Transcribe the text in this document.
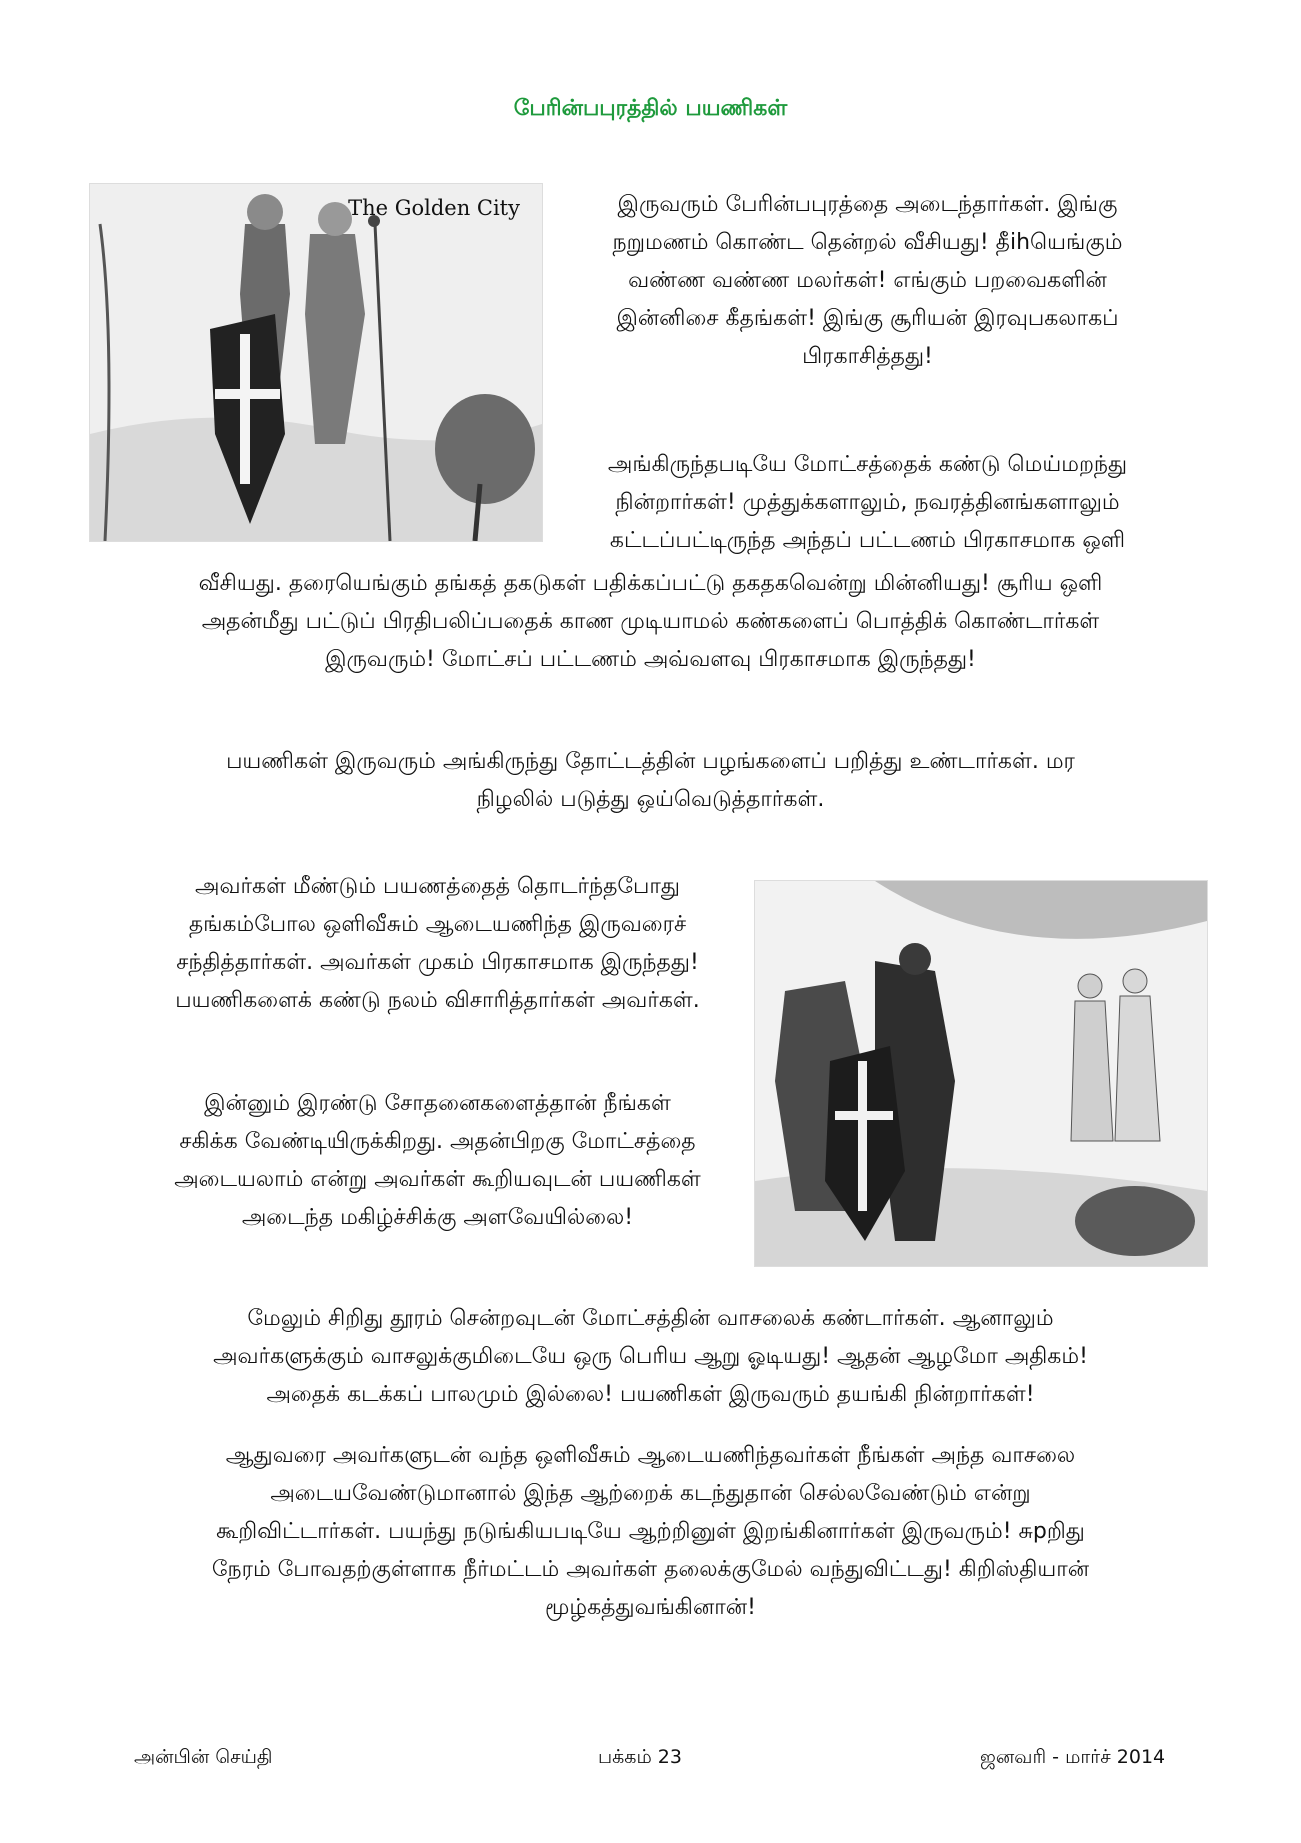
பேரின்பபுரத்தில் பயணிகள்
The Golden City	இருவரும் பேரின்பபுரத்தை அடைந்தார்கள். இங்கு

நறுமணம் கொண்ட தென்றல் வீசியது! தீihயெங்கும்

வண்ண வண்ண மலர்கள்! எங்கும் பறவைகளின்

இன்னிசை கீதங்கள்! இங்கு சூரியன் இரவுபகலாகப்

பிரகாசித்தது!

அங்கிருந்தபடியே மோட்சத்தைக் கண்டு மெய்மறந்து

நின்றார்கள்! முத்துக்களாலும், நவரத்தினங்களாலும்

கட்டப்பட்டிருந்த அந்தப் பட்டணம் பிரகாசமாக ஒளி

வீசியது. தரையெங்கும் தங்கத் தகடுகள் பதிக்கப்பட்டு தகதகவென்று மின்னியது! சூரிய ஒளி

அதன்மீது பட்டுப் பிரதிபலிப்பதைக் காண முடியாமல் கண்களைப் பொத்திக் கொண்டார்கள்

இருவரும்! மோட்சப் பட்டணம் அவ்வளவு பிரகாசமாக இருந்தது!

பயணிகள் இருவரும் அங்கிருந்து தோட்டத்தின் பழங்களைப் பறித்து உண்டார்கள். மர

நிழலில் படுத்து ஒய்வெடுத்தார்கள்.

அவர்கள் மீண்டும் பயணத்தைத் தொடர்ந்தபோது

தங்கம்போல ஒளிவீசும் ஆடையணிந்த இருவரைச்

சந்தித்தார்கள். அவர்கள் முகம் பிரகாசமாக இருந்தது!

பயணிகளைக் கண்டு நலம் விசாரித்தார்கள் அவர்கள்.

இன்னும் இரண்டு சோதனைகளைத்தான் நீங்கள்

சகிக்க வேண்டியிருக்கிறது. அதன்பிறகு மோட்சத்தை

அடையலாம் என்று அவர்கள் கூறியவுடன் பயணிகள்

அடைந்த மகிழ்ச்சிக்கு அளவேயில்லை!

மேலும் சிறிது தூரம் சென்றவுடன் மோட்சத்தின் வாசலைக் கண்டார்கள். ஆனாலும்

அவர்களுக்கும் வாசலுக்குமிடையே ஒரு பெரிய ஆறு ஓடியது! ஆதன் ஆழமோ அதிகம்!

அதைக் கடக்கப் பாலமும் இல்லை! பயணிகள் இருவரும் தயங்கி நின்றார்கள்!

ஆதுவரை அவர்களுடன் வந்த ஒளிவீசும் ஆடையணிந்தவர்கள் நீங்கள் அந்த வாசலை

அடையவேண்டுமானால் இந்த ஆற்றைக் கடந்துதான் செல்லவேண்டும் என்று

கூறிவிட்டார்கள். பயந்து நடுங்கியபடியே ஆற்றினுள் இறங்கினார்கள் இருவரும்! சுpறிது

நேரம் போவதற்குள்ளாக நீர்மட்டம் அவர்கள் தலைக்குமேல் வந்துவிட்டது! கிறிஸ்தியான்

மூழ்கத்துவங்கினான்!

அன்பின் செய்தி	பக்கம் 23	ஜனவரி - மார்ச் 2014
